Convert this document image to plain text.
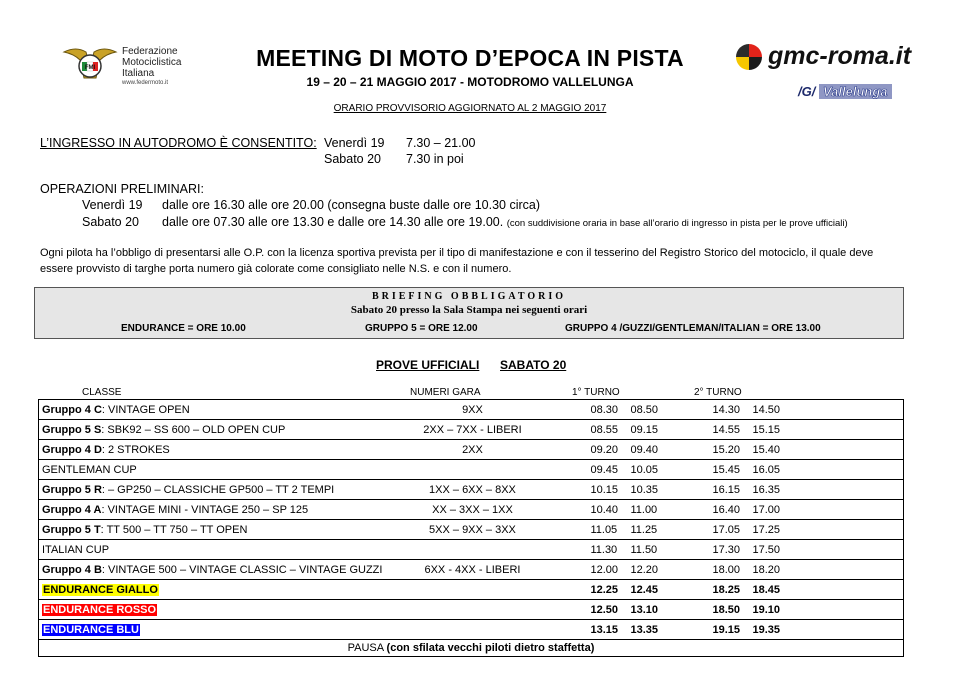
FMI
Federazione
Motociclistica
Italiana
www.federmoto.it
MEETING DI MOTO D’EPOCA IN PISTA
19 – 20 – 21 MAGGIO 2017 - MOTODROMO VALLELUNGA
ORARIO PROVVISORIO AGGIORNATO AL 2 MAGGIO 2017
gmc-roma.it
/G/ Vallelunga
L’INGRESSO IN AUTODROMO È CONSENTITO: Venerdì 19 7.30 – 21.00
Sabato 20 7.30 in poi
OPERAZIONI PRELIMINARI:
Venerdì 19 dalle ore 16.30 alle ore 20.00 (consegna buste dalle ore 10.30 circa)
Sabato 20 dalle ore 07.30 alle ore 13.30 e dalle ore 14.30 alle ore 19.00. (con suddivisione oraria in base all’orario di ingresso in pista per le prove ufficiali)
Ogni pilota ha l’obbligo di presentarsi alle O.P. con la licenza sportiva prevista per il tipo di manifestazione e con il tesserino del Registro Storico del motociclo, il quale deve essere provvisto di targhe porta numero già colorate come consigliato nelle N.S. e con il numero.
BRIEFING OBBLIGATORIO
Sabato 20 presso la Sala Stampa nei seguenti orari
ENDURANCE = ORE 10.00	GRUPPO 5 = ORE 12.00	GRUPPO 4 /GUZZI/GENTLEMAN/ITALIAN = ORE 13.00
PROVE UFFICIALI SABATO 20
CLASSE	NUMERI GARA	1° TURNO	2° TURNO
Gruppo 4 C: VINTAGE OPEN	9XX	08.30 08.50	14.30 14.50
Gruppo 5 S: SBK92 – SS 600 – OLD OPEN CUP	2XX – 7XX - LIBERI	08.55 09.15	14.55 15.15
Gruppo 4 D: 2 STROKES	2XX	09.20 09.40	15.20 15.40
GENTLEMAN CUP		09.45 10.05	15.45 16.05
Gruppo 5 R: – GP250 – CLASSICHE GP500 – TT 2 TEMPI	1XX – 6XX – 8XX	10.15 10.35	16.15 16.35
Gruppo 4 A: VINTAGE MINI - VINTAGE 250 – SP 125	XX – 3XX – 1XX	10.40 11.00	16.40 17.00
Gruppo 5 T: TT 500 – TT 750 – TT OPEN	5XX – 9XX – 3XX	11.05 11.25	17.05 17.25
ITALIAN CUP		11.30 11.50	17.30 17.50
Gruppo 4 B: VINTAGE 500 – VINTAGE CLASSIC – VINTAGE GUZZI	6XX - 4XX - LIBERI	12.00 12.20	18.00 18.20
ENDURANCE GIALLO		12.25 12.45	18.25 18.45
ENDURANCE ROSSO		12.50 13.10	18.50 19.10
ENDURANCE BLU		13.15 13.35	19.15 19.35
PAUSA (con sfilata vecchi piloti dietro staffetta)			
